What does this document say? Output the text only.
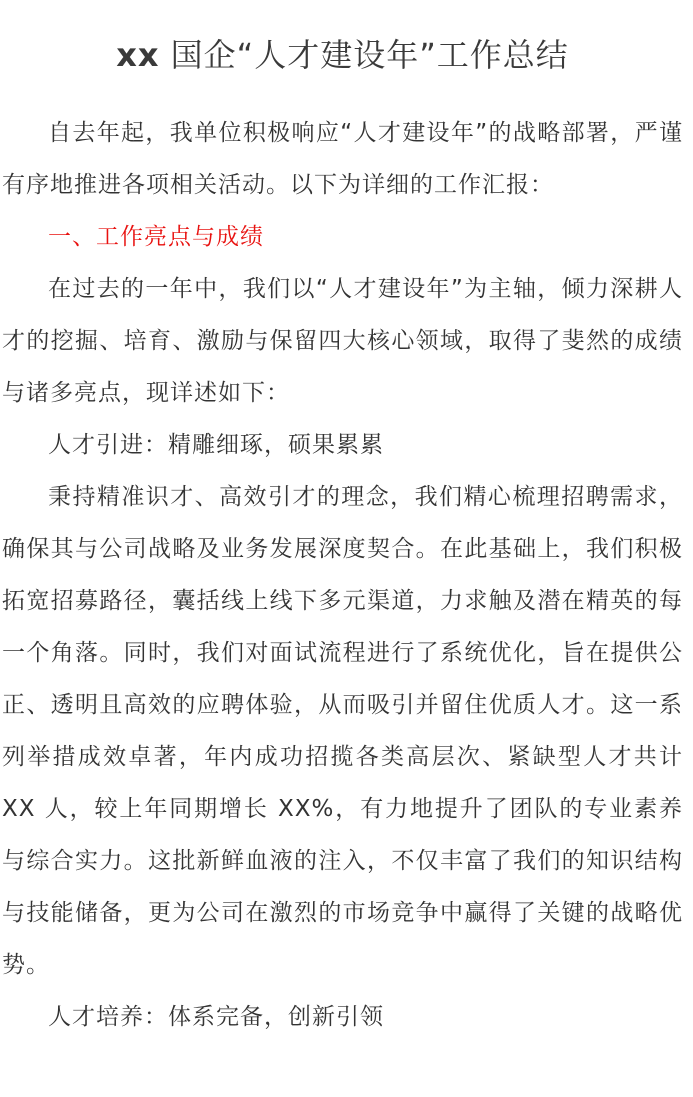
xx 国企“人才建设年”工作总结

自去年起，我单位积极响应“人才建设年”的战略部署，严谨有序地推进各项相关活动。以下为详细的工作汇报：

一、工作亮点与成绩

在过去的一年中，我们以“人才建设年”为主轴，倾力深耕人才的挖掘、培育、激励与保留四大核心领域，取得了斐然的成绩与诸多亮点，现详述如下：

人才引进：精雕细琢，硕果累累

秉持精准识才、高效引才的理念，我们精心梳理招聘需求，确保其与公司战略及业务发展深度契合。在此基础上，我们积极拓宽招募路径，囊括线上线下多元渠道，力求触及潜在精英的每一个角落。同时，我们对面试流程进行了系统优化，旨在提供公正、透明且高效的应聘体验，从而吸引并留住优质人才。这一系列举措成效卓著，年内成功招揽各类高层次、紧缺型人才共计 XX 人，较上年同期增长 XX%，有力地提升了团队的专业素养与综合实力。这批新鲜血液的注入，不仅丰富了我们的知识结构与技能储备，更为公司在激烈的市场竞争中赢得了关键的战略优势。

人才培养：体系完备，创新引领
